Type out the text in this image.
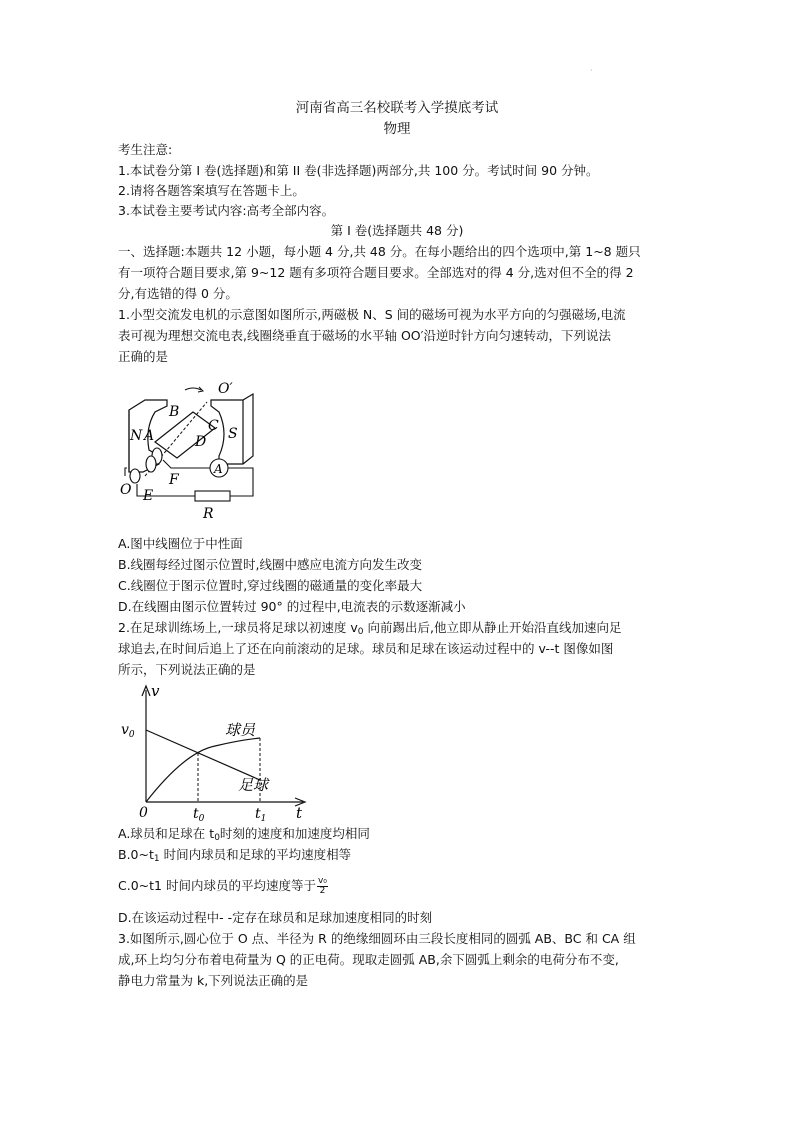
·
河南省高三名校联考入学摸底考试
物理
考生注意:
1.本试卷分第 I 卷(选择题)和第 II 卷(非选择题)两部分,共 100 分。考试时间 90 分钟。
2.请将各题答案填写在答题卡上。
3.本试卷主要考试内容:高考全部内容。
第 I 卷(选择题共 48 分)
一、选择题:本题共 12 小题，每小题 4 分,共 48 分。在每小题给出的四个选项中,第 1~8 题只
有一项符合题目要求,第 9~12 题有多项符合题目要求。全部选对的得 4 分,选对但不全的得 2
分,有选错的得 0 分。
1.小型交流发电机的示意图如图所示,两磁极 N、S 间的磁场可视为水平方向的匀强磁场,电流
表可视为理想交流电表,线圈绕垂直于磁场的水平轴 OO′沿逆时针方向匀速转动，下列说法
正确的是
O′
B
C
N A	D S
A
F
O E
R
A.图中线圈位于中性面
B.线圈每经过图示位置时,线圈中感应电流方向发生改变
C.线圈位于图示位置时,穿过线圈的磁通量的变化率最大
D.在线圈由图示位置转过 90° 的过程中,电流表的示数逐渐减小
2.在足球训练场上,一球员将足球以初速度 $v_0$ 向前踢出后,他立即从静止开始沿直线加速向足
球追去,在时间后追上了还在向前滚动的足球。球员和足球在该运动过程中的 v--t 图像如图
所示，下列说法正确的是
v
t
$v_0$
0	$t_0$	$t_1$
球员
足球
A.球员和足球在 $t_0$时刻的速度和加速度均相同
$B.0\sim t_1$ 时间内球员和足球的平均速度相等
C.0~t1 时间内球员的平均速度等于 $\frac{\text{v₀}}{2}$
D.在该运动过程中- -定存在球员和足球加速度相同的时刻
3.如图所示,圆心位于 O 点、半径为 R 的绝缘细圆环由三段长度相同的圆弧 AB、BC 和 CA 组
成,环上均匀分布着电荷量为 Q 的正电荷。现取走圆弧 AB,余下圆弧上剩余的电荷分布不变,
静电力常量为 k,下列说法正确的是
